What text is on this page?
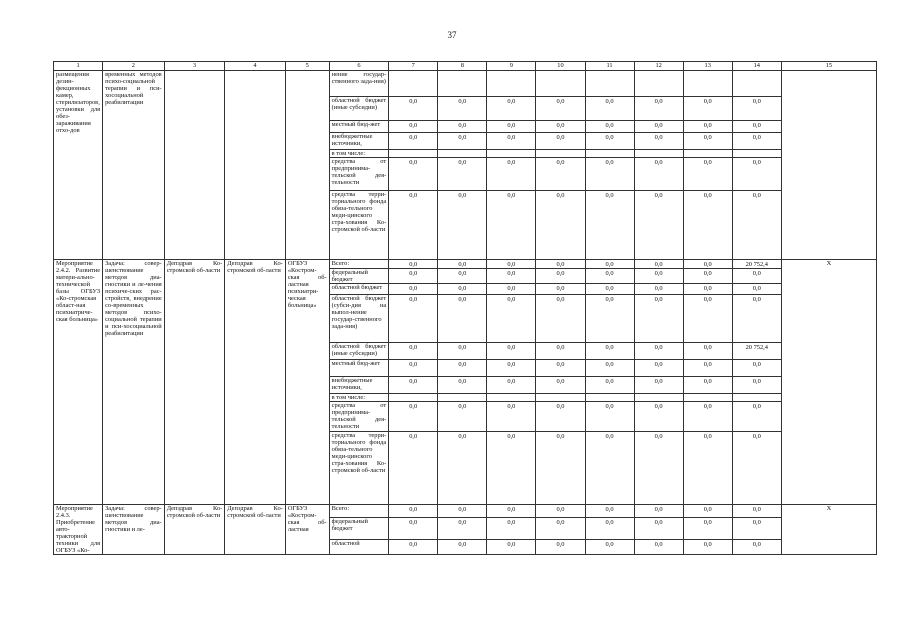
37
1	2	3	4	5	6	7	8	9	10	11	12	13	14	15
размещения дезин-фекционных камер, стерилизаторов, установки для обез-зараживания отхо-дов	временных методов психо-социальной терапии и пси-хосоциальной реабилитации				нение государ-ственного зада-ния)									
					областной бюджет (иные субсидии)	0,0	0,0	0,0	0,0	0,0	0,0	0,0	0,0	
					местный бюд-жет	0,0	0,0	0,0	0,0	0,0	0,0	0,0	0,0	
					внебюджетные источники,	0,0	0,0	0,0	0,0	0,0	0,0	0,0	0,0	
					в том числе:									
					средства от предпринима-тельской дея-тельности	0,0	0,0	0,0	0,0	0,0	0,0	0,0	0,0	
					средства терри-ториального фонда обяза-тельного меди-цинского стра-хования Ко-стромской об-ласти	0,0	0,0	0,0	0,0	0,0	0,0	0,0	0,0	
Мероприятие 2.4.2. Развитие матери-ально-технической базы ОГБУЗ «Ко-стромская област-ная психиатриче-ская больница»	Задача: совер-шенствование методов диа-гностики и ле-чения психиче-ских рас-стройств, внедрение со-временных методов психо-социальной терапии и пси-хосоциальной реабилитации	Депздрав Ко-стромской об-ласти	Депздрав Ко-стромской об-ласти	ОГБУЗ «Костром-ская об-ластная психиатри-ческая больница»	Всего:	0,0	0,0	0,0	0,0	0,0	0,0	0,0	20 752,4	Х
					федеральный бюджет	0,0	0,0	0,0	0,0	0,0	0,0	0,0	0,0	
					областной бюджет	0,0	0,0	0,0	0,0	0,0	0,0	0,0	0,0	
					областной бюджет (субси-дия на выпол-нение государ-ственного зада-ния)	0,0	0,0	0,0	0,0	0,0	0,0	0,0	0,0	
					областной бюджет (иные субсидии)	0,0	0,0	0,0	0,0	0,0	0,0	0,0	20 752,4	
					местный бюд-жет	0,0	0,0	0,0	0,0	0,0	0,0	0,0	0,0	
					внебюджетные источники,	0,0	0,0	0,0	0,0	0,0	0,0	0,0	0,0	
					в том числе:									
					средства от предпринима-тельской дея-тельности	0,0	0,0	0,0	0,0	0,0	0,0	0,0	0,0	
					средства терри-ториального фонда обяза-тельного меди-цинского стра-хования Ко-стромской об-ласти	0,0	0,0	0,0	0,0	0,0	0,0	0,0	0,0	
Мероприятие 2.4.3. Приобретение авто-тракторной техники для ОГБУЗ «Ко-	Задача: совер-шенствование методов диа-гностики и ле-	Депздрав Ко-стромской об-ласти	Депздрав Ко-стромской об-ласти	ОГБУЗ «Костром-ская об-ластная	Всего:	0,0	0,0	0,0	0,0	0,0	0,0	0,0	0,0	Х
					федеральный бюджет	0,0	0,0	0,0	0,0	0,0	0,0	0,0	0,0	
					областной	0,0	0,0	0,0	0,0	0,0	0,0	0,0	0,0	
